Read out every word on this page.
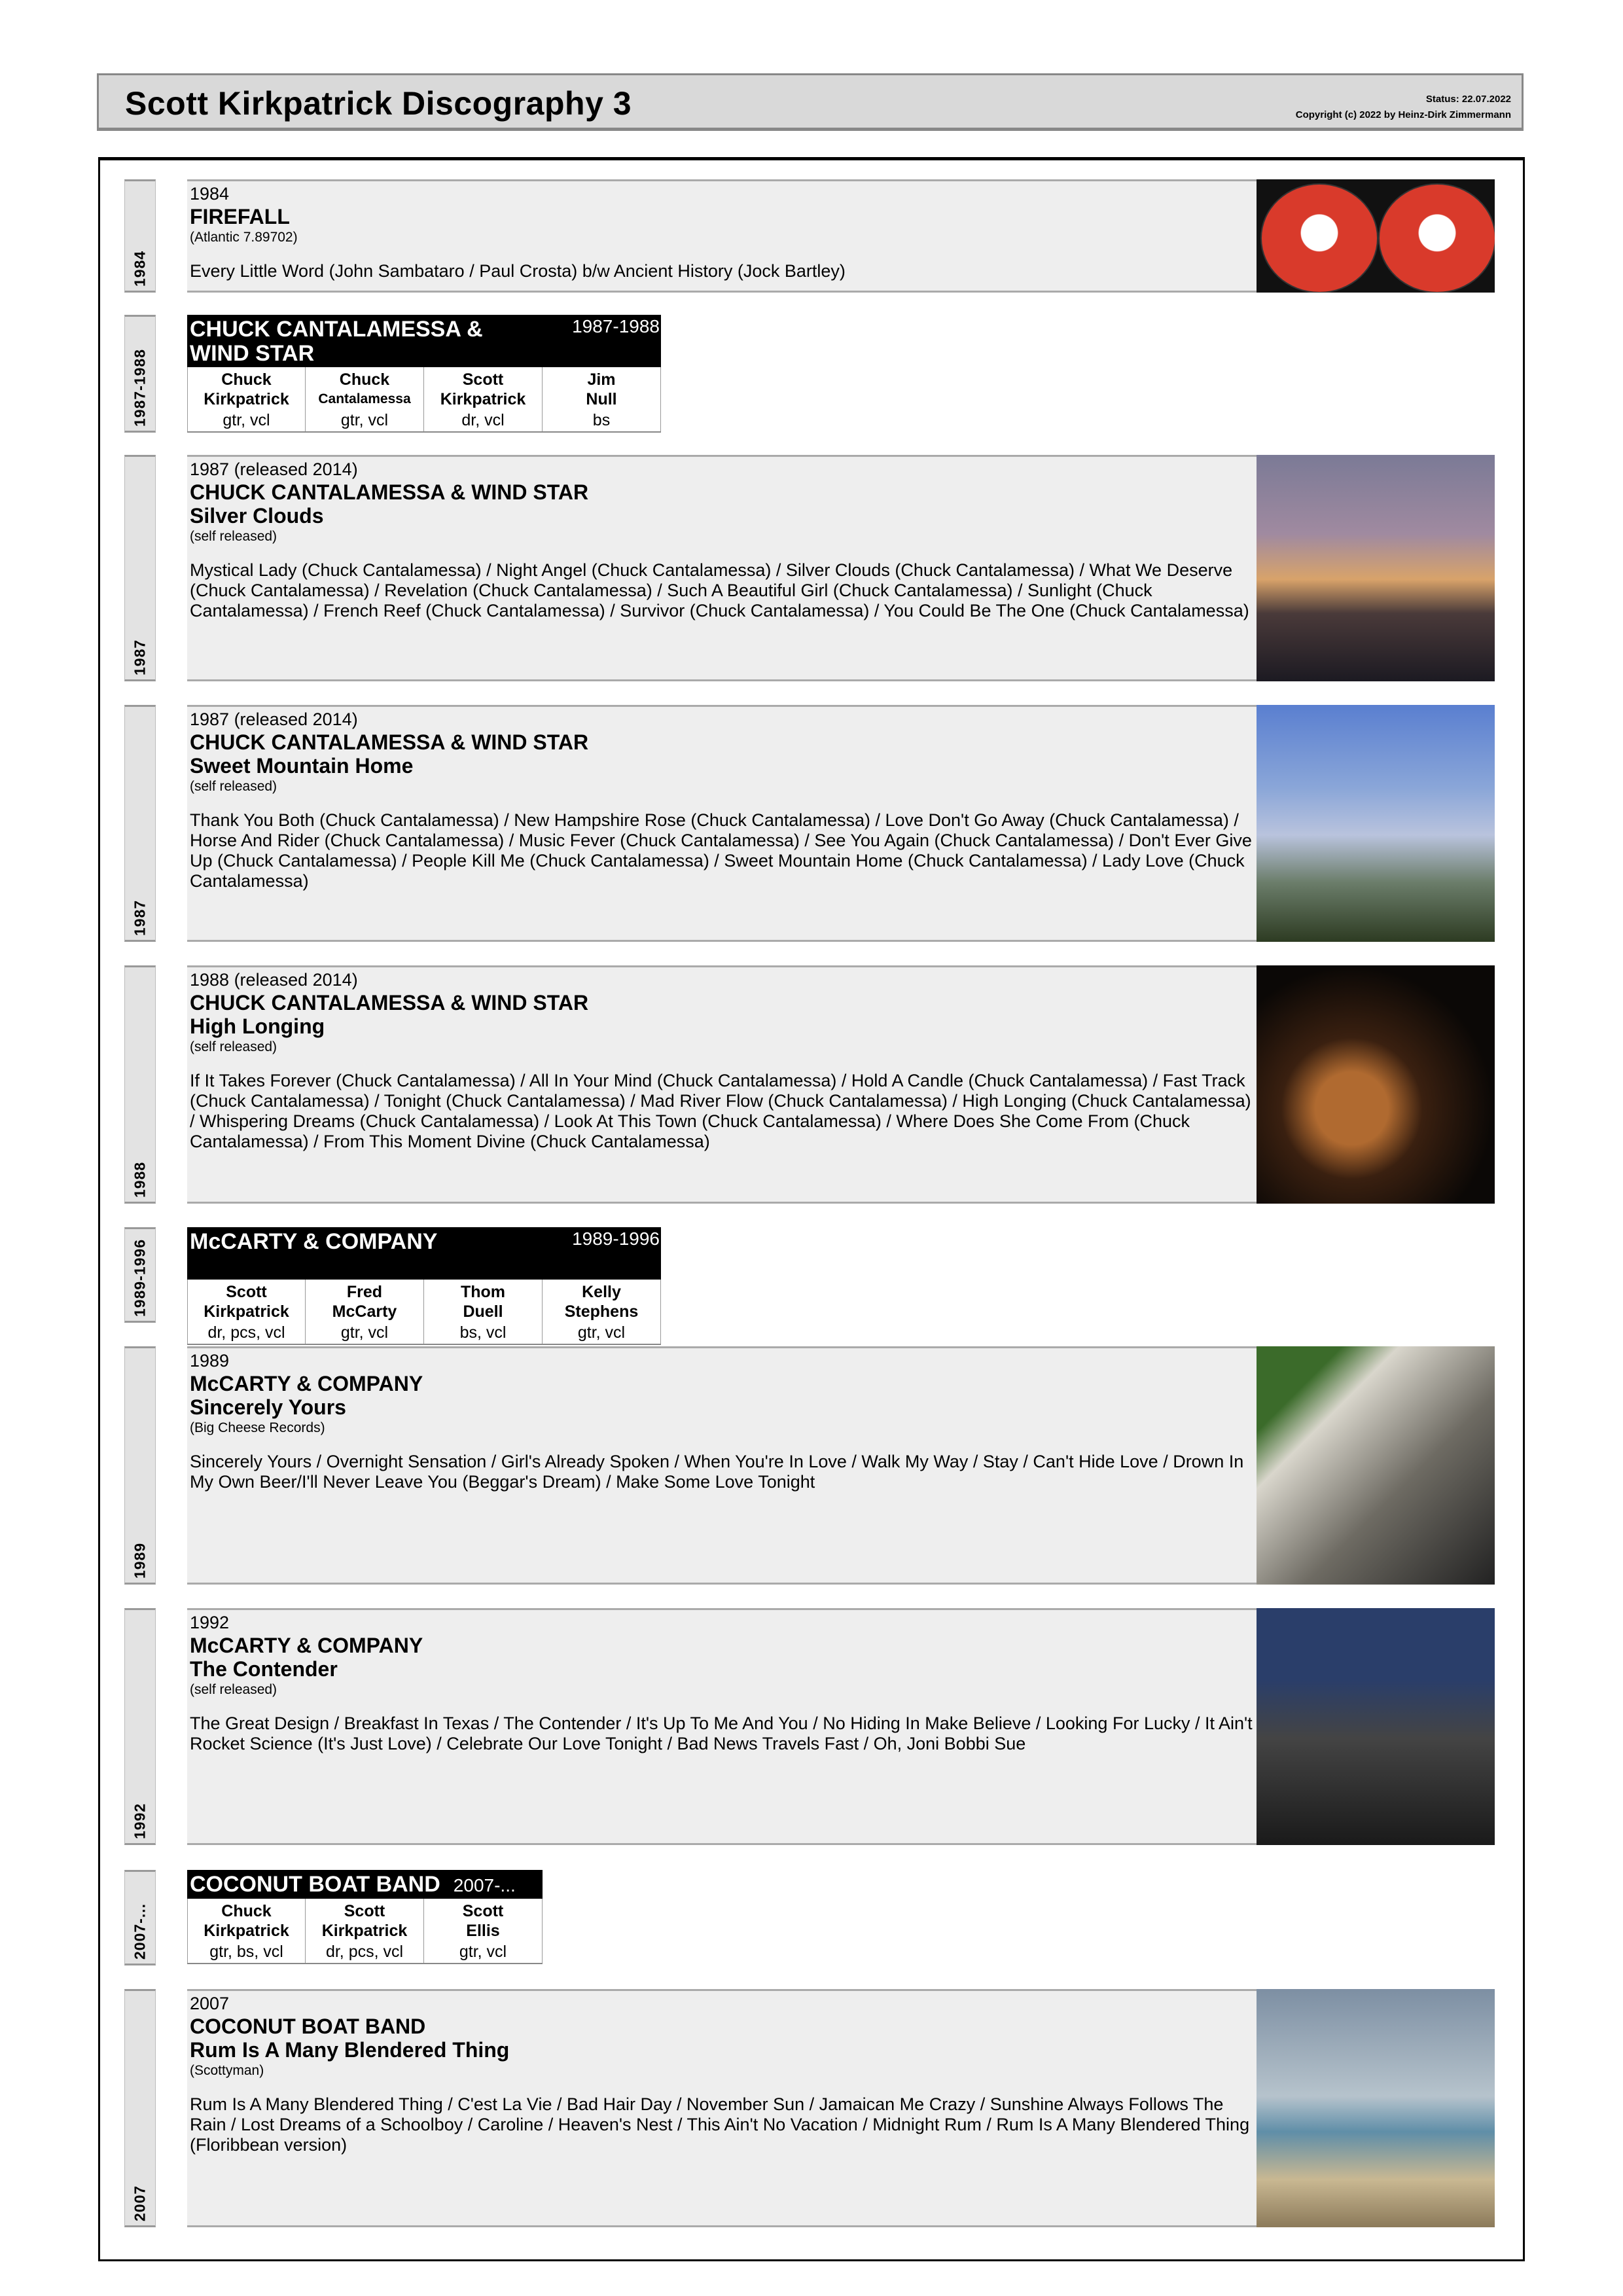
Scott Kirkpatrick Discography 3	Status: 22.07.2022
Copyright (c) 2022 by Heinz-Dirk Zimmermann
1984
1984
FIREFALL
(Atlantic 7.89702)
Every Little Word (John Sambataro / Paul Crosta) b/w Ancient History (Jock Bartley)
1987-1988
CHUCK CANTALAMESSA & WIND STAR
1987-1988
Chuck
Kirkpatrick
gtr, vcl
Chuck
Cantalamessa
gtr, vcl
Scott
Kirkpatrick
dr, vcl
Jim
Null
bs
1987
1987 (released 2014)
CHUCK CANTALAMESSA & WIND STAR
Silver Clouds
(self released)
Mystical Lady (Chuck Cantalamessa) / Night Angel (Chuck Cantalamessa) / Silver Clouds (Chuck Cantalamessa) / What We Deserve (Chuck Cantalamessa) / Revelation (Chuck Cantalamessa) / Such A Beautiful Girl (Chuck Cantalamessa) / Sunlight (Chuck Cantalamessa) / French Reef (Chuck Cantalamessa) / Survivor (Chuck Cantalamessa) / You Could Be The One (Chuck Cantalamessa)
1987
1987 (released 2014)
CHUCK CANTALAMESSA & WIND STAR
Sweet Mountain Home
(self released)
Thank You Both (Chuck Cantalamessa) / New Hampshire Rose (Chuck Cantalamessa) / Love Don't Go Away (Chuck Cantalamessa) / Horse And Rider (Chuck Cantalamessa) / Music Fever (Chuck Cantalamessa) / See You Again (Chuck Cantalamessa) / Don't Ever Give Up (Chuck Cantalamessa) / People Kill Me (Chuck Cantalamessa) / Sweet Mountain Home (Chuck Cantalamessa) / Lady Love (Chuck Cantalamessa)
1988
1988 (released 2014)
CHUCK CANTALAMESSA & WIND STAR
High Longing
(self released)
If It Takes Forever (Chuck Cantalamessa) / All In Your Mind (Chuck Cantalamessa) / Hold A Candle (Chuck Cantalamessa) / Fast Track (Chuck Cantalamessa) / Tonight (Chuck Cantalamessa) / Mad River Flow (Chuck Cantalamessa) / High Longing (Chuck Cantalamessa) / Whispering Dreams (Chuck Cantalamessa) / Look At This Town (Chuck Cantalamessa) / Where Does She Come From (Chuck Cantalamessa) / From This Moment Divine (Chuck Cantalamessa)
1989-1996 McCARTY & COMPANY	1989-1996
Scott
Kirkpatrick
dr, pcs, vcl
Fred
McCarty
gtr, vcl
Thom
Duell
bs, vcl
Kelly
Stephens
gtr, vcl
1989
1989
McCARTY & COMPANY
Sincerely Yours
(Big Cheese Records)
Sincerely Yours / Overnight Sensation / Girl's Already Spoken / When You're In Love / Walk My Way / Stay / Can't Hide Love / Drown In My Own Beer/I'll Never Leave You (Beggar's Dream) / Make Some Love Tonight
1992
1992
McCARTY & COMPANY
The Contender
(self released)
The Great Design / Breakfast In Texas / The Contender / It's Up To Me And You / No Hiding In Make Believe / Looking For Lucky / It Ain't Rocket Science (It's Just Love) / Celebrate Our Love Tonight / Bad News Travels Fast / Oh, Joni Bobbi Sue
2007-...
COCONUT BOAT BAND 2007-...
Chuck
Kirkpatrick
gtr, bs, vcl
Scott
Kirkpatrick
dr, pcs, vcl
Scott
Ellis
gtr, vcl
2007
2007
COCONUT BOAT BAND
Rum Is A Many Blendered Thing
(Scottyman)
Rum Is A Many Blendered Thing / C'est La Vie / Bad Hair Day / November Sun / Jamaican Me Crazy / Sunshine Always Follows The Rain / Lost Dreams of a Schoolboy / Caroline / Heaven's Nest / This Ain't No Vacation / Midnight Rum / Rum Is A Many Blendered Thing (Floribbean version)
